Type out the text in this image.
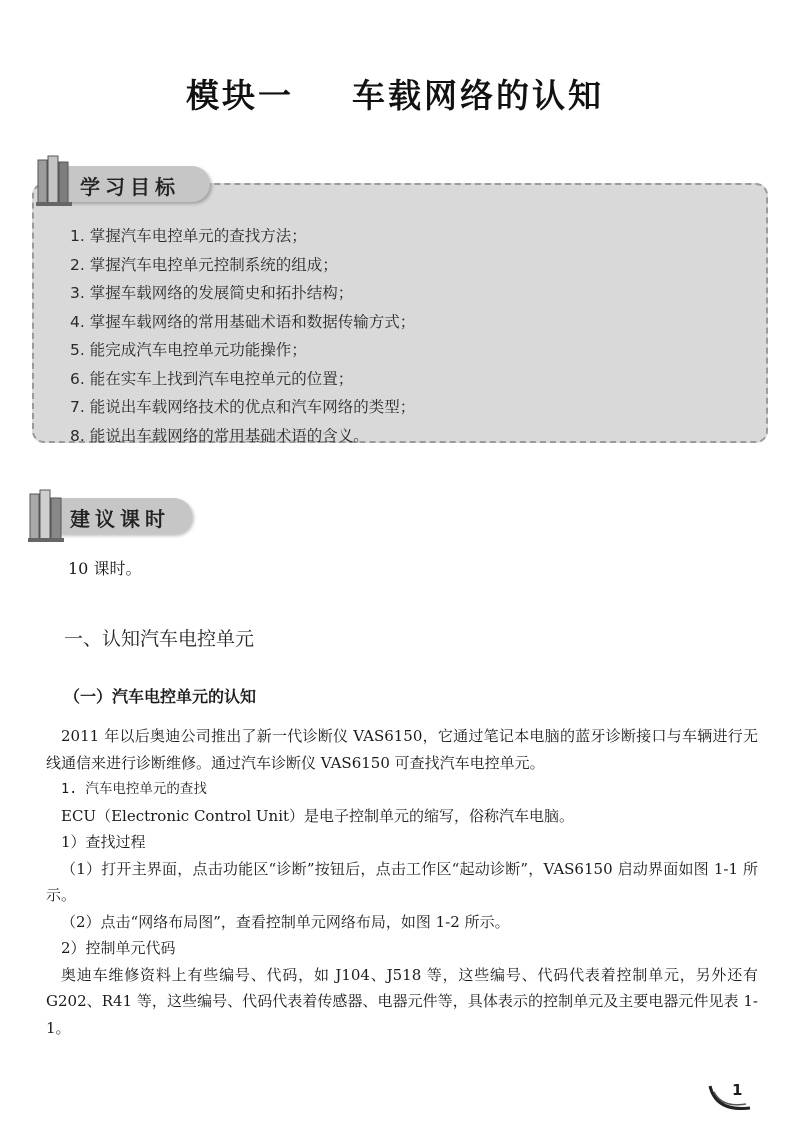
模块一 车载网络的认知
学习目标
1. 掌握汽车电控单元的查找方法；
2. 掌握汽车电控单元控制系统的组成；
3. 掌握车载网络的发展简史和拓扑结构；
4. 掌握车载网络的常用基础术语和数据传输方式；
5. 能完成汽车电控单元功能操作；
6. 能在实车上找到汽车电控单元的位置；
7. 能说出车载网络技术的优点和汽车网络的类型；
8. 能说出车载网络的常用基础术语的含义。
建议课时
10 课时。
一、认知汽车电控单元
（一）汽车电控单元的认知

2011 年以后奥迪公司推出了新一代诊断仪 VAS6150，它通过笔记本电脑的蓝牙诊断接口与车辆进行无线通信来进行诊断维修。通过汽车诊断仪 VAS6150 可查找汽车电控单元。

1. 汽车电控单元的查找

ECU（Electronic Control Unit）是电子控制单元的缩写，俗称汽车电脑。

1）查找过程

（1）打开主界面，点击功能区“诊断”按钮后，点击工作区“起动诊断”，VAS6150 启动界面如图 1-1 所示。

（2）点击“网络布局图”，查看控制单元网络布局，如图 1-2 所示。

2）控制单元代码

奥迪车维修资料上有些编号、代码，如 J104、J518 等，这些编号、代码代表着控制单元，另外还有 G202、R41 等，这些编号、代码代表着传感器、电器元件等，具体表示的控制单元及主要电器元件见表 1-1。

1
